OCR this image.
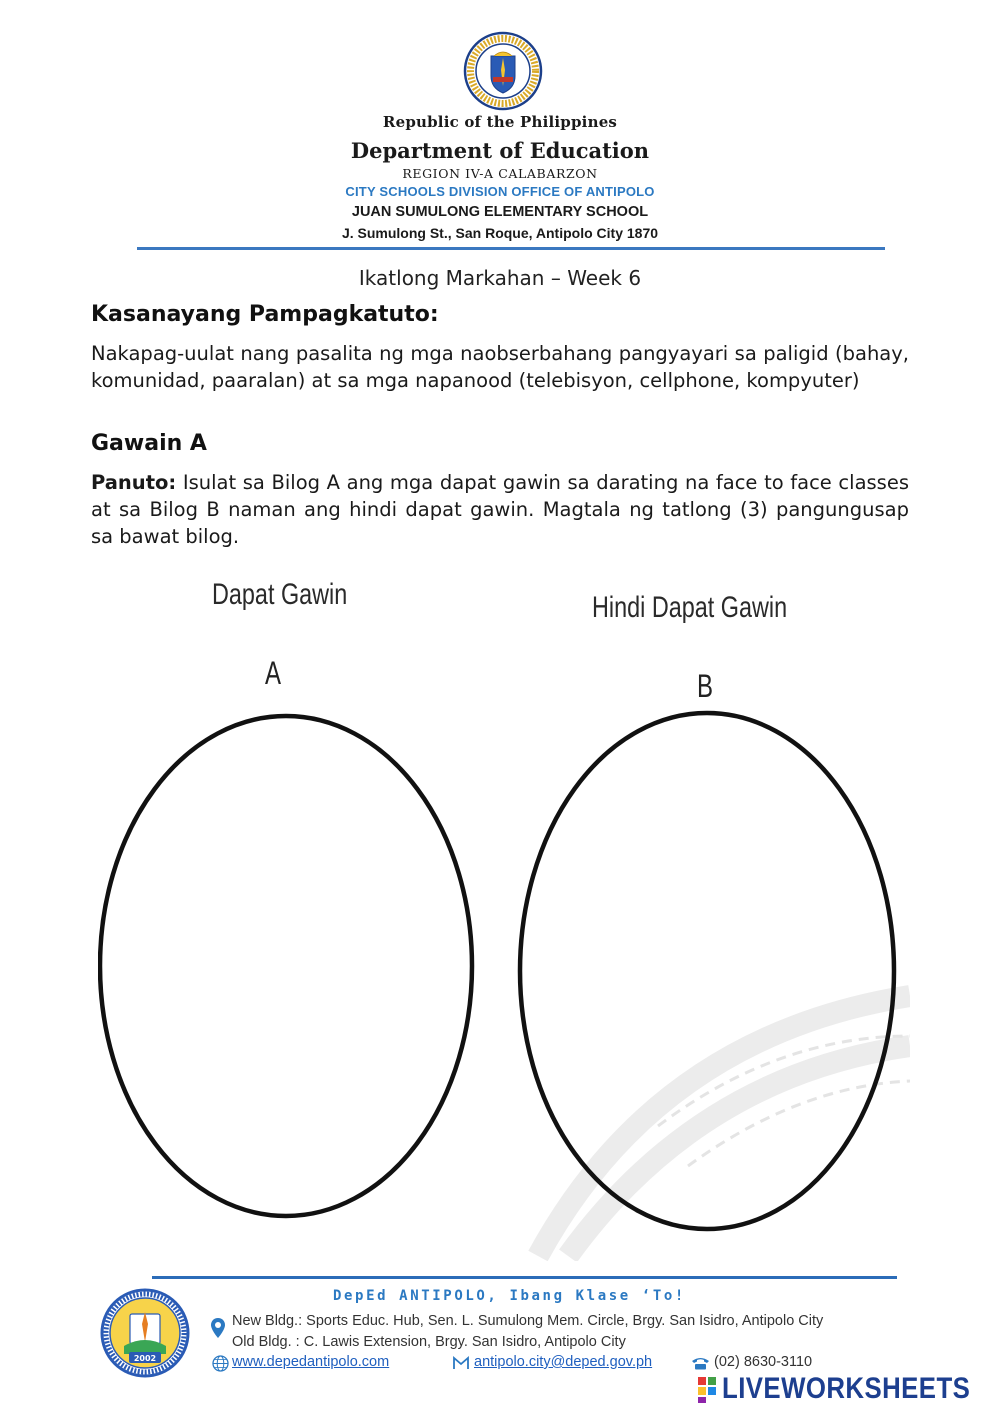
Republic of the Philippines
Department of Education
REGION IV-A CALABARZON
CITY SCHOOLS DIVISION OFFICE OF ANTIPOLO
JUAN SUMULONG ELEMENTARY SCHOOL
J. Sumulong St., San Roque, Antipolo City 1870
Ikatlong Markahan – Week 6
Kasanayang Pampagkatuto:
Nakapag-uulat nang pasalita ng mga naobserbahang pangyayari sa paligid (bahay, komunidad, paaralan) at sa mga napanood (telebisyon, cellphone, kompyuter)
Gawain A
Panuto: Isulat sa Bilog A ang mga dapat gawin sa darating na face to face classes at sa Bilog B naman ang hindi dapat gawin. Magtala ng tatlong (3) pangungusap sa bawat bilog.
Dapat Gawin
A
Hindi Dapat Gawin
B
2002
DepEd ANTIPOLO, Ibang Klase ‘To!
New Bldg.: Sports Educ. Hub, Sen. L. Sumulong Mem. Circle, Brgy. San Isidro, Antipolo City
Old Bldg. : C. Lawis Extension, Brgy. San Isidro, Antipolo City
www.depedantipolo.com	antipolo.city@deped.gov.ph	(02) 8630-3110
LIVEWORKSHEETS
